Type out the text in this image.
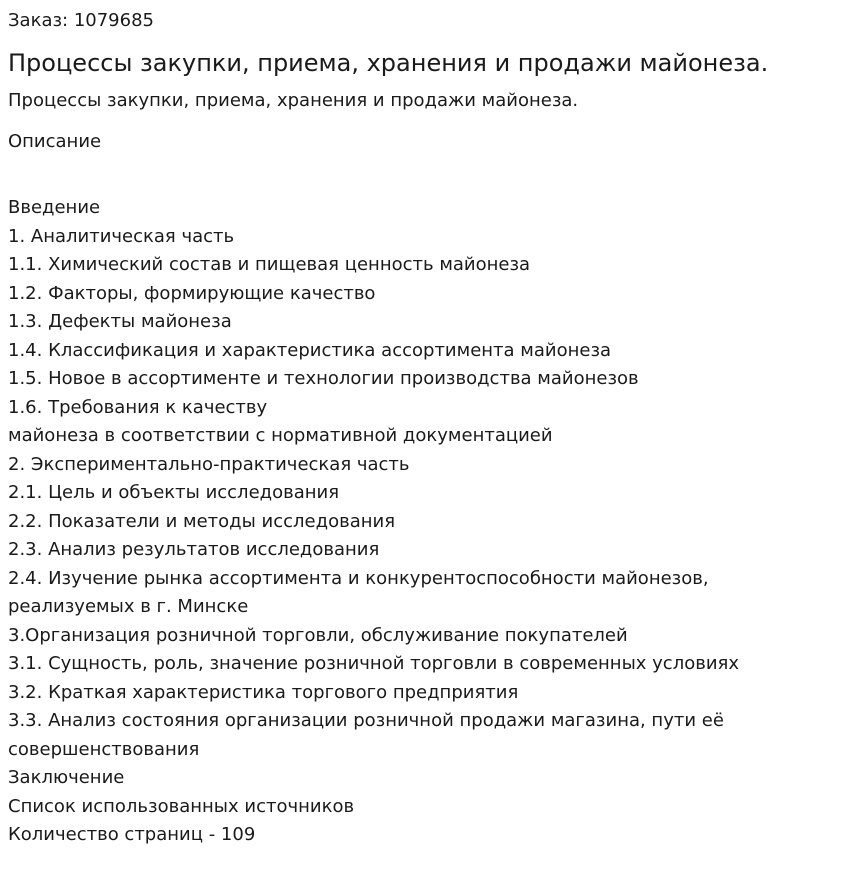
Заказ: 1079685

Процессы закупки, приема, хранения и продажи майонеза.

Процессы закупки, приема, хранения и продажи майонеза.

Описание

Введение
1. Аналитическая часть
1.1. Химический состав и пищевая ценность майонеза
1.2. Факторы, формирующие качество
1.3. Дефекты майонеза
1.4. Классификация и характеристика ассортимента майонеза
1.5. Новое в ассортименте и технологии производства майонезов
1.6. Требования к качеству
майонеза в соответствии с нормативной документацией
2. Экспериментально-практическая часть
2.1. Цель и объекты исследования
2.2. Показатели и методы исследования
2.3. Анализ результатов исследования
2.4. Изучение рынка ассортимента и конкурентоспособности майонезов,
реализуемых в г. Минске
3.Организация розничной торговли, обслуживание покупателей
3.1. Сущность, роль, значение розничной торговли в современных условиях
3.2. Краткая характеристика торгового предприятия
3.3. Анализ состояния организации розничной продажи магазина, пути её
совершенствования
Заключение
Список использованных источников
Количество страниц - 109
